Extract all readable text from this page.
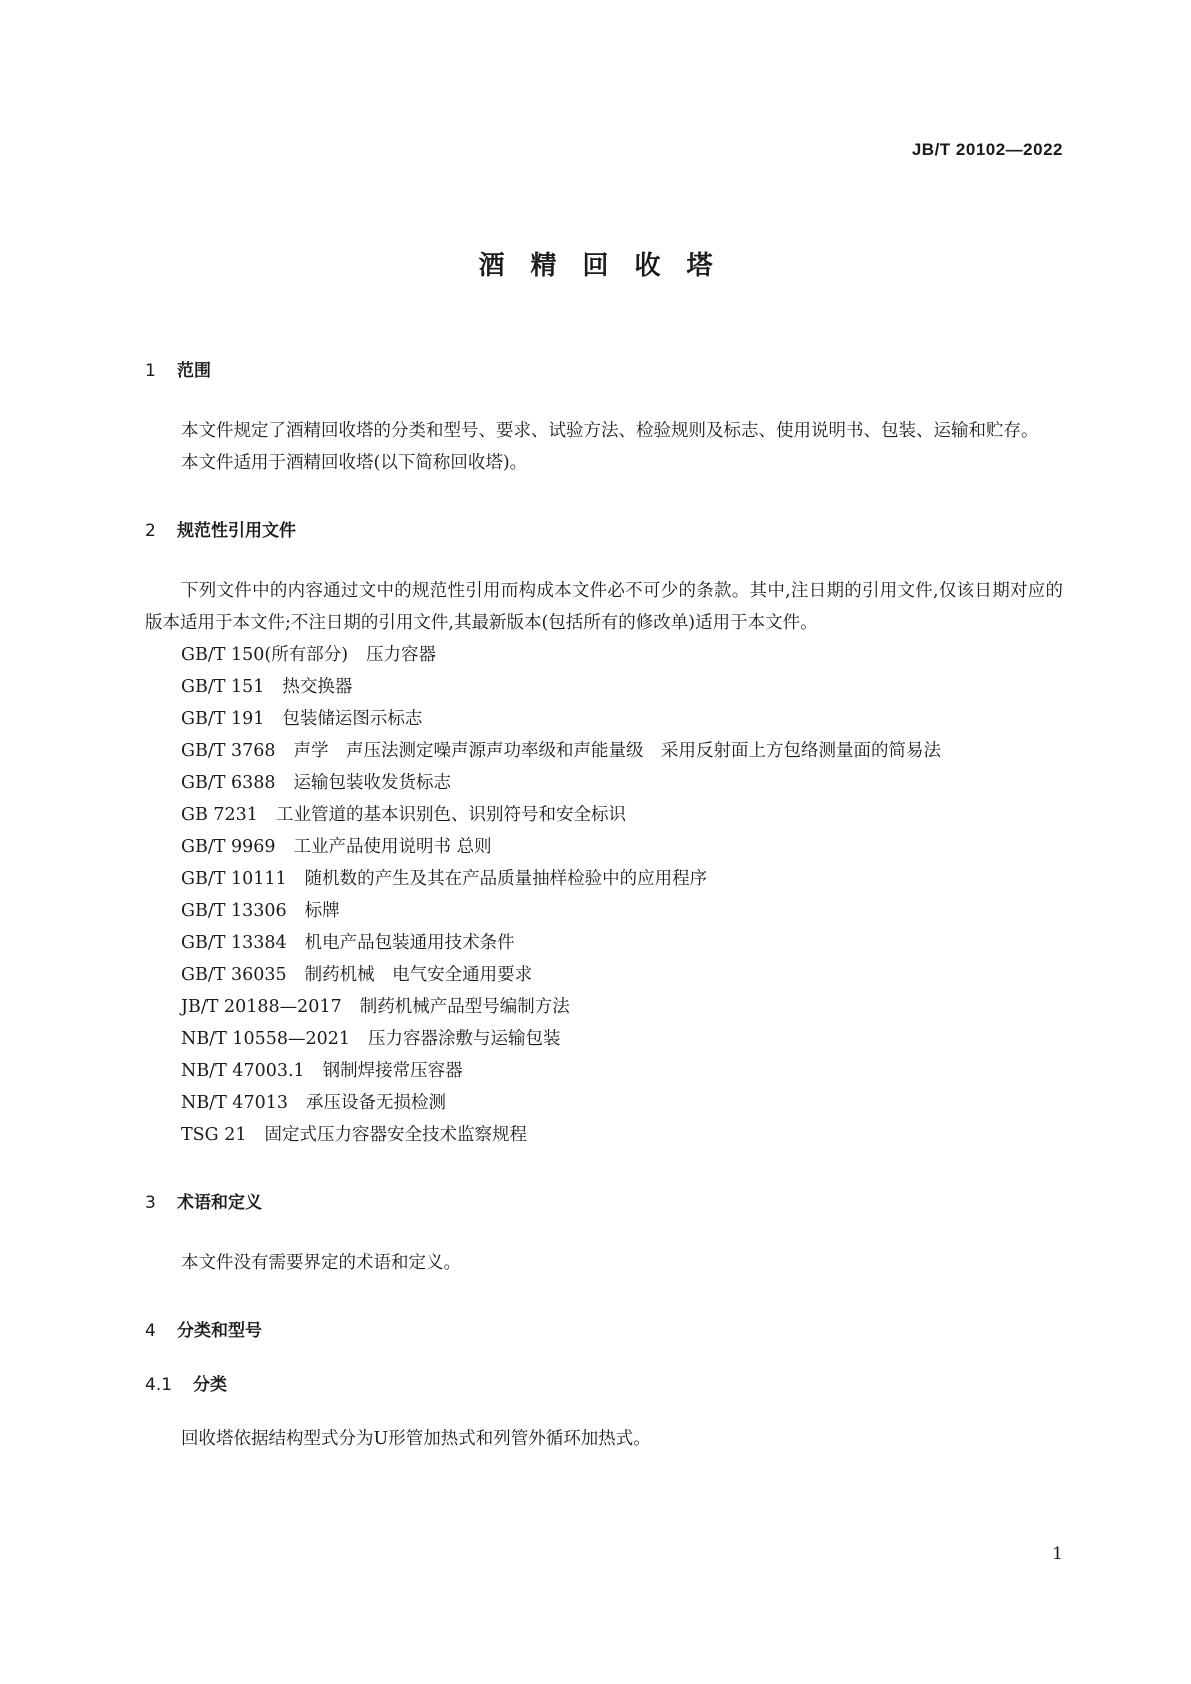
JB/T 20102—2022
酒精回收塔
1	范围

本文件规定了酒精回收塔的分类和型号、要求、试验方法、检验规则及标志、使用说明书、包装、运输和贮存。

本文件适用于酒精回收塔(以下简称回收塔)。

2	规范性引用文件

下列文件中的内容通过文中的规范性引用而构成本文件必不可少的条款。其中,注日期的引用文件,仅该日期对应的版本适用于本文件;不注日期的引用文件,其最新版本(包括所有的修改单)适用于本文件。

GB/T 150(所有部分) 压力容器

GB/T 151 热交换器

GB/T 191 包装储运图示标志

GB/T 3768 声学　声压法测定噪声源声功率级和声能量级　采用反射面上方包络测量面的简易法

GB/T 6388 运输包装收发货标志

GB 7231 工业管道的基本识别色、识别符号和安全标识

GB/T 9969 工业产品使用说明书 总则

GB/T 10111 随机数的产生及其在产品质量抽样检验中的应用程序

GB/T 13306 标牌

GB/T 13384 机电产品包装通用技术条件

GB/T 36035 制药机械　电气安全通用要求

JB/T 20188—2017 制药机械产品型号编制方法

NB/T 10558—2021 压力容器涂敷与运输包装

NB/T 47003.1 钢制焊接常压容器

NB/T 47013 承压设备无损检测

TSG 21 固定式压力容器安全技术监察规程

3	术语和定义

本文件没有需要界定的术语和定义。

4	分类和型号
4.1	分类

回收塔依据结构型式分为U形管加热式和列管外循环加热式。

1
